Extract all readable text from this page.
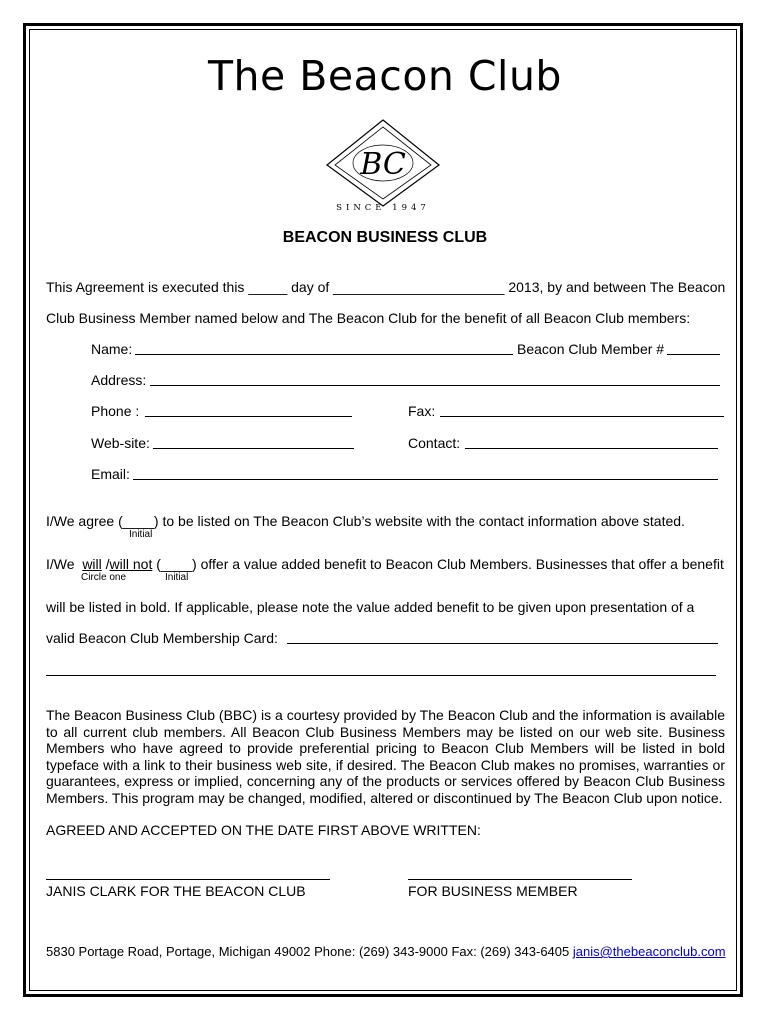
The Beacon Club
BC
SINCE 1947
BEACON BUSINESS CLUB
This Agreement is executed this _____ day of ______________________ 2013, by and between The Beacon
Club Business Member named below and The Beacon Club for the benefit of all Beacon Club members:
Name:	Beacon Club Member #
Address:
Phone :	Fax:
Web-site:	Contact:
Email:
I/We agree (____) to be listed on The Beacon Club’s website with the contact information above stated.
Initial
I/We will /will not (____) offer a value added benefit to Beacon Club Members. Businesses that offer a benefit
Circle one	Initial
will be listed in bold. If applicable, please note the value added benefit to be given upon presentation of a
valid Beacon Club Membership Card:
The Beacon Business Club (BBC) is a courtesy provided by The Beacon Club and the information is available to all current club members. All Beacon Club Business Members may be listed on our web site. Business Members who have agreed to provide preferential pricing to Beacon Club Members will be listed in bold typeface with a link to their business web site, if desired. The Beacon Club makes no promises, warranties or guarantees, express or implied, concerning any of the products or services offered by Beacon Club Business Members. This program may be changed, modified, altered or discontinued by The Beacon Club upon notice.
AGREED AND ACCEPTED ON THE DATE FIRST ABOVE WRITTEN:
JANIS CLARK FOR THE BEACON CLUB	FOR BUSINESS MEMBER
5830 Portage Road, Portage, Michigan 49002 Phone: (269) 343-9000 Fax: (269) 343-6405 janis@thebeaconclub.com
